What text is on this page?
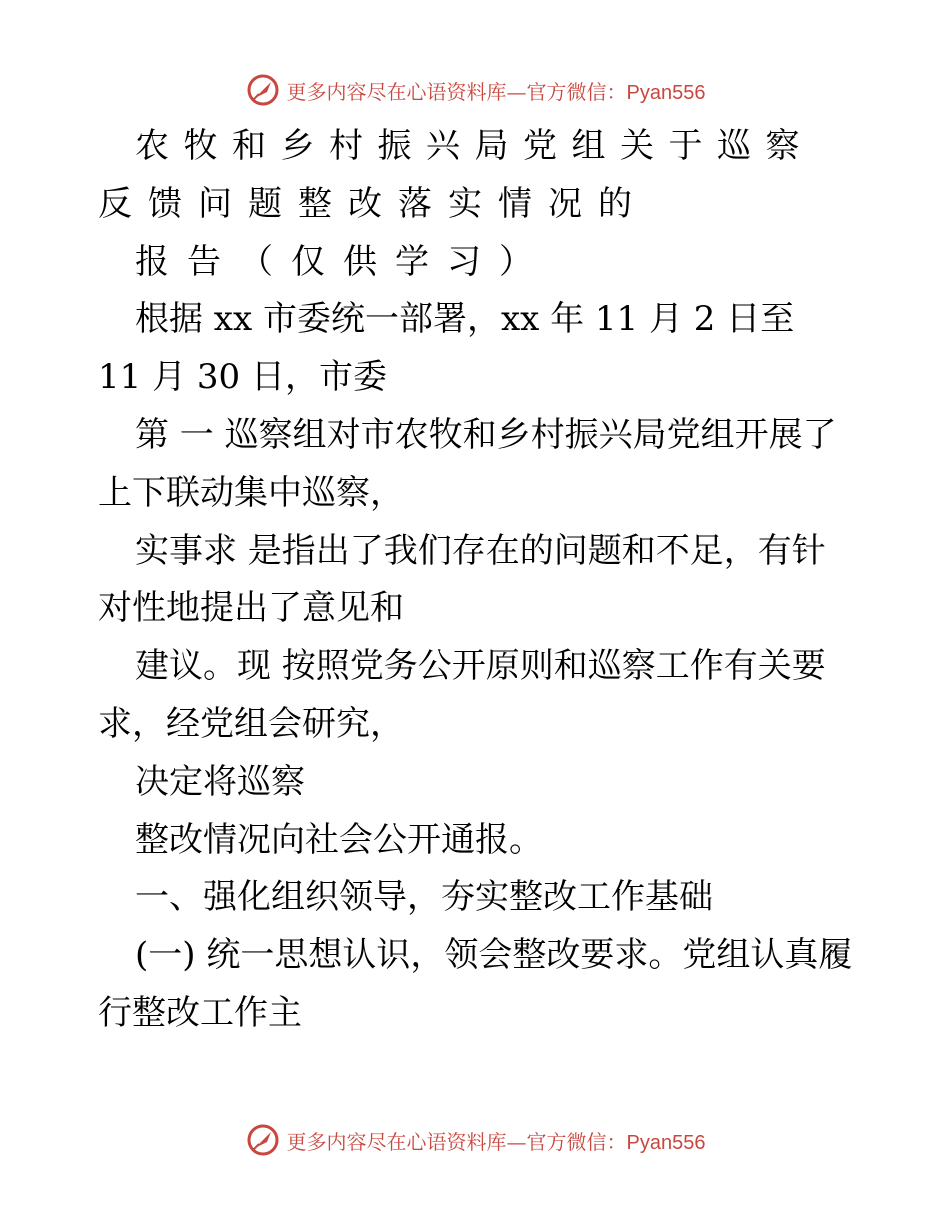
更多内容尽在心语资料库—官方微信：Pyan556
农牧和乡村振兴局党组关于巡察
反馈问题整改落实情况的
报告（仅供学习）
根据 xx 市委统一部署，xx 年 11 月 2 日至
11 月 30 日，市委
第 一 巡察组对市农牧和乡村振兴局党组开展了
上下联动集中巡察，
实事求 是指出了我们存在的问题和不足，有针
对性地提出了意见和
建议。现 按照党务公开原则和巡察工作有关要
求，经党组会研究，
决定将巡察
整改情况向社会公开通报。
一、强化组织领导，夯实整改工作基础
(一) 统一思想认识，领会整改要求。党组认真履
行整改工作主
更多内容尽在心语资料库—官方微信：Pyan556
